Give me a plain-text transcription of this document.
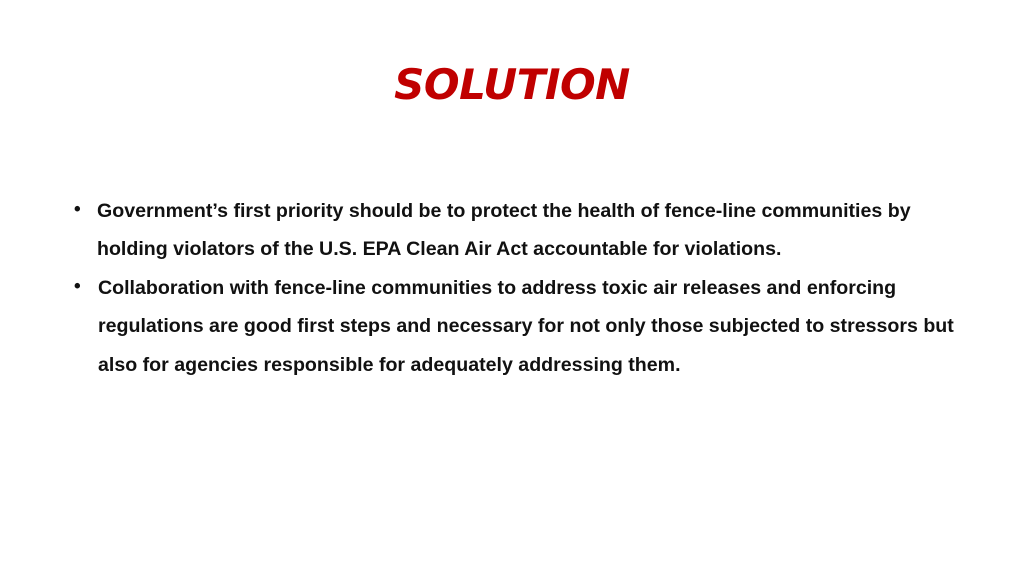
SOLUTION
• Government’s first priority should be to protect the health of fence-line communities by holding violators of the U.S. EPA Clean Air Act accountable for violations.
• Collaboration with fence-line communities to address toxic air releases and enforcing regulations are good first steps and necessary for not only those subjected to stressors but also for agencies responsible for adequately addressing them.
